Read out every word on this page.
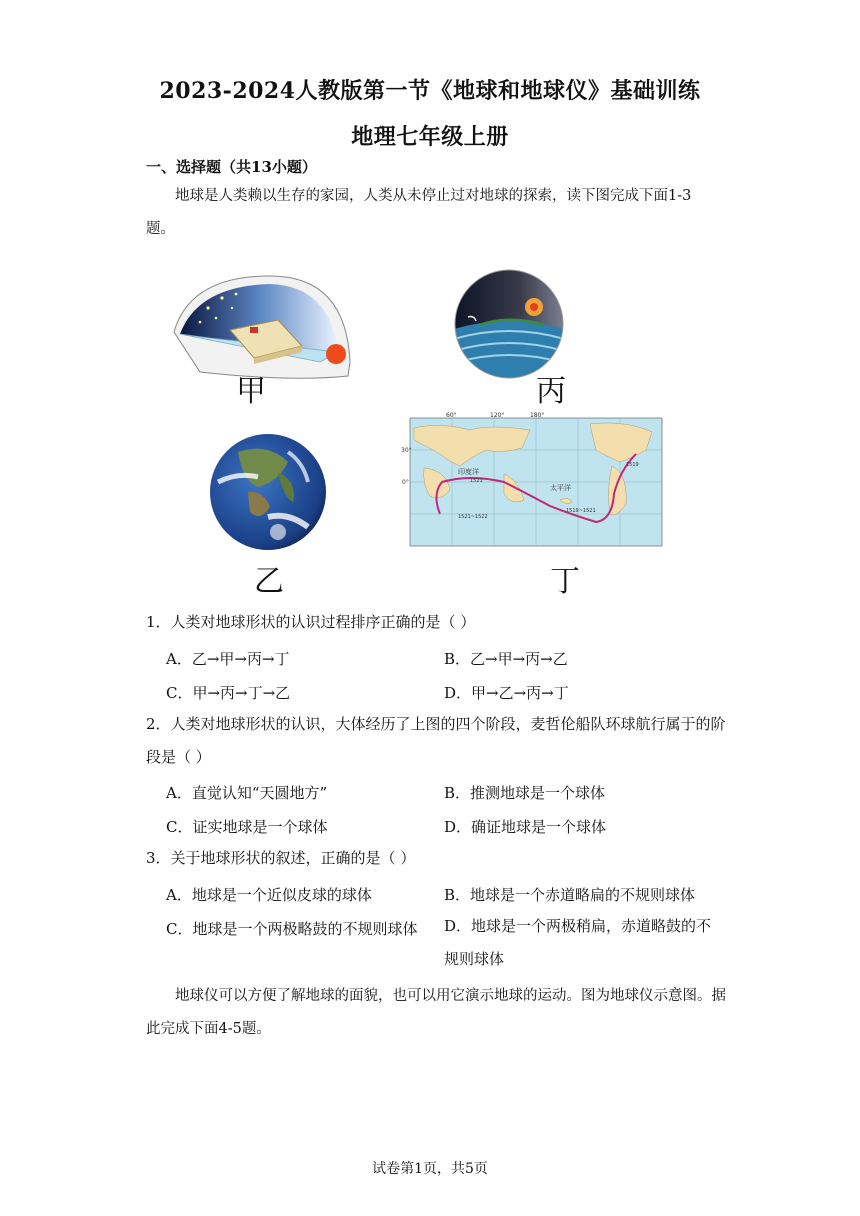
2023-2024人教版第一节《地球和地球仪》基础训练
地理七年级上册
一、选择题（共13小题）
地球是人类赖以生存的家园，人类从未停止过对地球的探索，读下图完成下面1-3题。
甲	丙
乙
60°	120°	180°
30°
0°
印度洋
太平洋
1521
1521~1522
1519~1521
1519
丁
1．人类对地球形状的认识过程排序正确的是（ ）
A．乙→甲→丙→丁	B．乙→甲→丙→乙
C．甲→丙→丁→乙	D．甲→乙→丙→丁
2．人类对地球形状的认识，大体经历了上图的四个阶段，麦哲伦船队环球航行属于的阶段是（ ）
A．直觉认知“天圆地方”	B．推测地球是一个球体
C．证实地球是一个球体	D．确证地球是一个球体
3．关于地球形状的叙述，正确的是（ ）
A．地球是一个近似皮球的球体	B．地球是一个赤道略扁的不规则球体
C．地球是一个两极略鼓的不规则球体 D．地球是一个两极稍扁，赤道略鼓的不规则球体
地球仪可以方便了解地球的面貌，也可以用它演示地球的运动。图为地球仪示意图。据此完成下面4-5题。
试卷第1页，共5页
